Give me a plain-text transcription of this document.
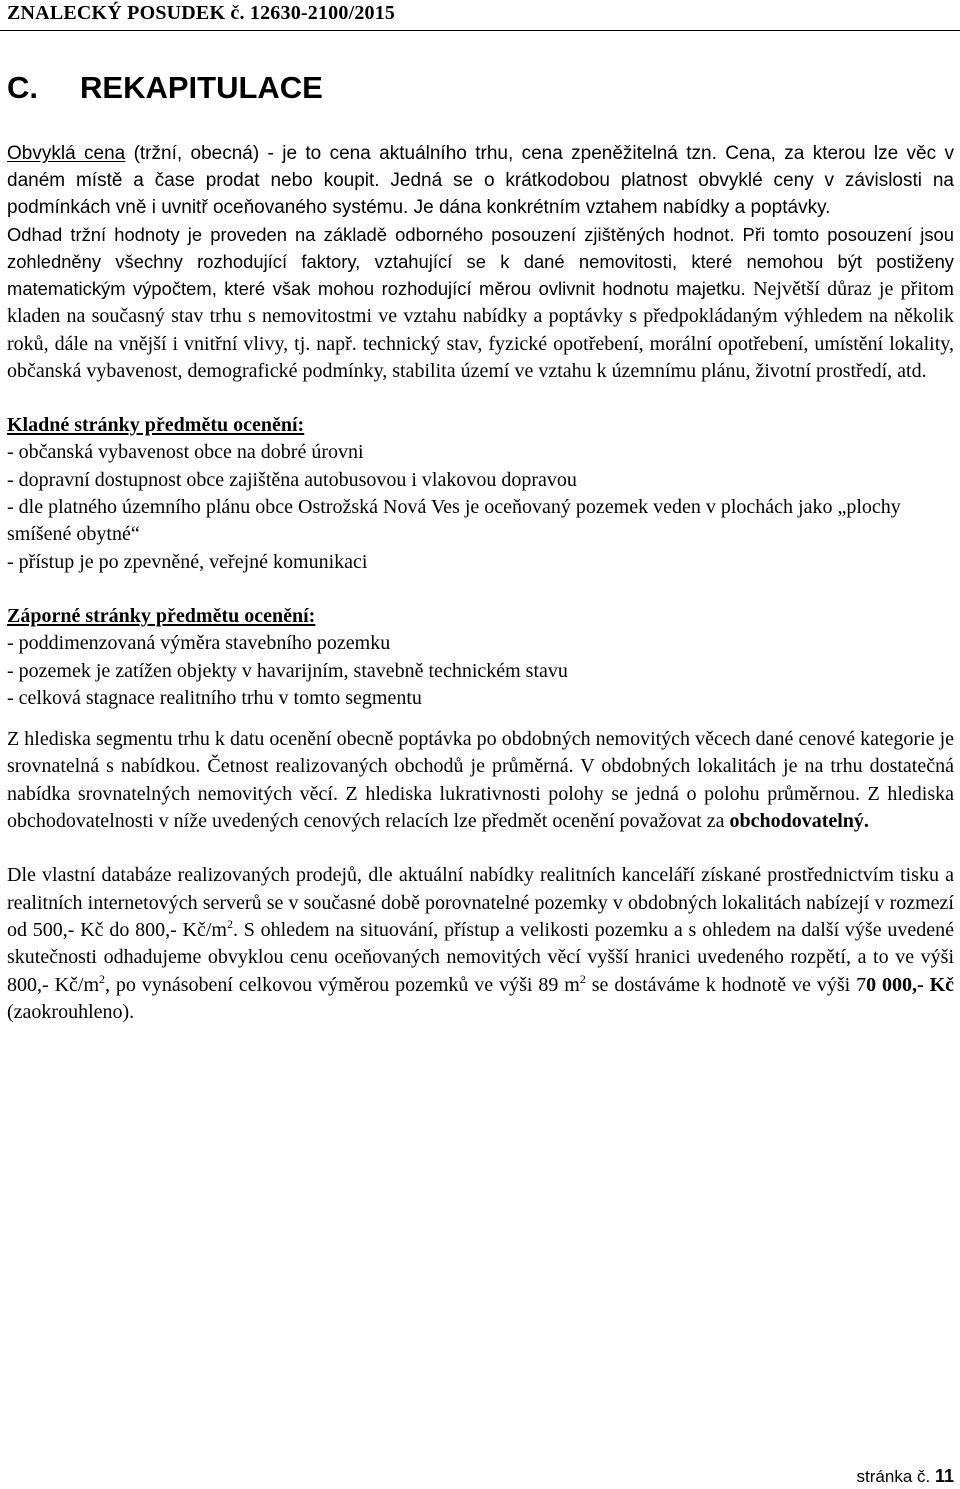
ZNALECKÝ POSUDEK č. 12630-2100/2015
C. REKAPITULACE

Obvyklá cena (tržní, obecná) - je to cena aktuálního trhu, cena zpeněžitelná tzn. Cena, za kterou lze věc v daném místě a čase prodat nebo koupit. Jedná se o krátkodobou platnost obvyklé ceny v závislosti na podmínkách vně i uvnitř oceňovaného systému. Je dána konkrétním vztahem nabídky a poptávky.

Odhad tržní hodnoty je proveden na základě odborného posouzení zjištěných hodnot. Při tomto posouzení jsou zohledněny všechny rozhodující faktory, vztahující se k dané nemovitosti, které nemohou být postiženy matematickým výpočtem, které však mohou rozhodující měrou ovlivnit hodnotu majetku. Největší důraz je přitom kladen na současný stav trhu s nemovitostmi ve vztahu nabídky a poptávky s předpokládaným výhledem na několik roků, dále na vnější i vnitřní vlivy, tj. např. technický stav, fyzické opotřebení, morální opotřebení, umístění lokality, občanská vybavenost, demografické podmínky, stabilita území ve vztahu k územnímu plánu, životní prostředí, atd.

Kladné stránky předmětu ocenění:

- občanská vybavenost obce na dobré úrovni
- dopravní dostupnost obce zajištěna autobusovou i vlakovou dopravou
- dle platného územního plánu obce Ostrožská Nová Ves je oceňovaný pozemek veden v plochách jako „plochy smíšené obytné“
- přístup je po zpevněné, veřejné komunikaci

Záporné stránky předmětu ocenění:

- poddimenzovaná výměra stavebního pozemku
- pozemek je zatížen objekty v havarijním, stavebně technickém stavu
- celková stagnace realitního trhu v tomto segmentu

Z hlediska segmentu trhu k datu ocenění obecně poptávka po obdobných nemovitých věcech dané cenové kategorie je srovnatelná s nabídkou. Četnost realizovaných obchodů je průměrná. V obdobných lokalitách je na trhu dostatečná nabídka srovnatelných nemovitých věcí. Z hlediska lukrativnosti polohy se jedná o polohu průměrnou. Z hlediska obchodovatelnosti v níže uvedených cenových relacích lze předmět ocenění považovat za obchodovatelný.

Dle vlastní databáze realizovaných prodejů, dle aktuální nabídky realitních kanceláří získané prostřednictvím tisku a realitních internetových serverů se v současné době porovnatelné pozemky v obdobných lokalitách nabízejí v rozmezí od 500,- Kč do 800,- $Kč/m^2$. S ohledem na situování, přístup a velikosti pozemku a s ohledem na další výše uvedené skutečnosti odhadujeme obvyklou cenu oceňovaných nemovitých věcí vyšší hranici uvedeného rozpětí, a to ve výši 800,- $Kč/m^2$, po vynásobení celkovou výměrou pozemků ve výši 89 $m^2$ se dostáváme k hodnotě ve výši 70 000,- Kč (zaokrouhleno).

stránka č. 11
